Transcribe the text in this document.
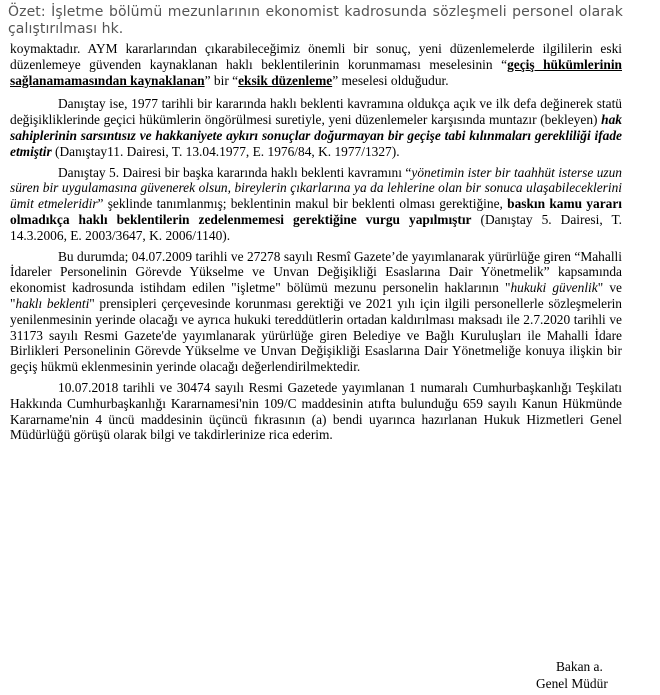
Özet: İşletme bölümü mezunlarının ekonomist kadrosunda sözleşmeli personel olarak çalıştırılması hk.

koymaktadır. AYM kararlarından çıkarabileceğimiz önemli bir sonuç, yeni düzenlemelerde ilgililerin eski düzenlemeye güvenden kaynaklanan haklı beklentilerinin korunmaması meselesinin “geçiş hükümlerinin sağlanamamasından kaynaklanan” bir “eksik düzenleme” meselesi olduğudur.

Danıştay ise, 1977 tarihli bir kararında haklı beklenti kavramına oldukça açık ve ilk defa değinerek statü değişikliklerinde geçici hükümlerin öngörülmesi suretiyle, yeni düzenlemeler karşısında muntazır (bekleyen) hak sahiplerinin sarsıntısız ve hakkaniyete aykırı sonuçlar doğurmayan bir geçişe tabi kılınmaları gerekliliği ifade etmiştir (Danıştay11. Dairesi, T. 13.04.1977, E. 1976/84, K. 1977/1327).

Danıştay 5. Dairesi bir başka kararında haklı beklenti kavramını “yönetimin ister bir taahhüt isterse uzun süren bir uygulamasına güvenerek olsun, bireylerin çıkarlarına ya da lehlerine olan bir sonuca ulaşabileceklerini ümit etmeleridir” şeklinde tanımlanmış; beklentinin makul bir beklenti olması gerektiğine, baskın kamu yararı olmadıkça haklı beklentilerin zedelenmemesi gerektiğine vurgu yapılmıştır (Danıştay 5. Dairesi, T. 14.3.2006, E. 2003/3647, K. 2006/1140).

Bu durumda; 04.07.2009 tarihli ve 27278 sayılı Resmî Gazete’de yayımlanarak yürürlüğe giren “Mahalli İdareler Personelinin Görevde Yükselme ve Unvan Değişikliği Esaslarına Dair Yönetmelik” kapsamında ekonomist kadrosunda istihdam edilen "işletme" bölümü mezunu personelin haklarının "hukuki güvenlik" ve "haklı beklenti" prensipleri çerçevesinde korunması gerektiği ve 2021 yılı için ilgili personellerle sözleşmelerin yenilenmesinin yerinde olacağı ve ayrıca hukuki tereddütlerin ortadan kaldırılması maksadı ile 2.7.2020 tarihli ve 31173 sayılı Resmi Gazete'de yayımlanarak yürürlüğe giren Belediye ve Bağlı Kuruluşları ile Mahalli İdare Birlikleri Personelinin Görevde Yükselme ve Unvan Değişikliği Esaslarına Dair Yönetmeliğe konuya ilişkin bir geçiş hükmü eklenmesinin yerinde olacağı değerlendirilmektedir.

10.07.2018 tarihli ve 30474 sayılı Resmi Gazetede yayımlanan 1 numaralı Cumhurbaşkanlığı Teşkilatı Hakkında Cumhurbaşkanlığı Kararnamesi'nin 109/C maddesinin atıfta bulunduğu 659 sayılı Kanun Hükmünde Kararname'nin 4 üncü maddesinin üçüncü fıkrasının (a) bendi uyarınca hazırlanan Hukuk Hizmetleri Genel Müdürlüğü görüşü olarak bilgi ve takdirlerinize rica ederim.

Bakan a.
Genel Müdür
